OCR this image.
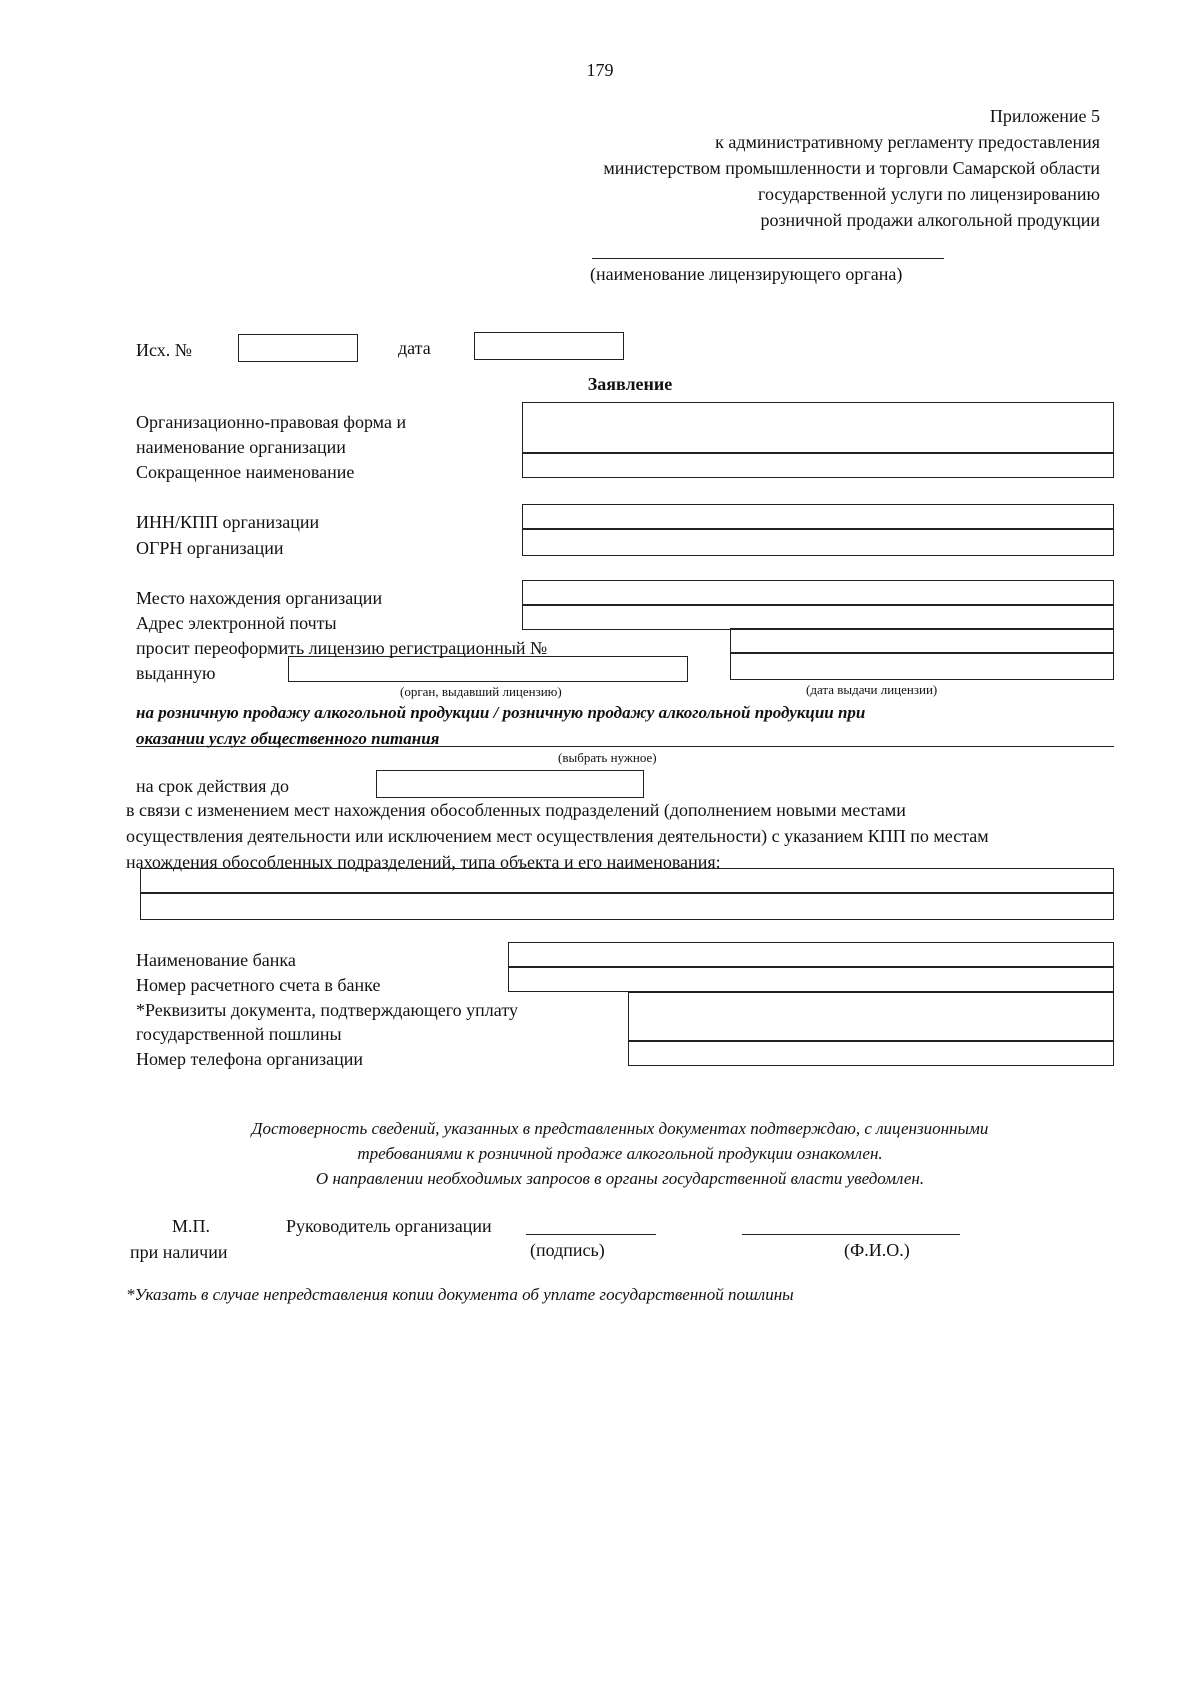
179
Приложение 5
к административному регламенту предоставления
министерством промышленности и торговли Самарской области
государственной услуги по лицензированию
розничной продажи алкогольной продукции
(наименование лицензирующего органа)
Исх. №	дата
Заявление
Организационно-правовая форма и
наименование организации
Сокращенное наименование
ИНН/КПП организации
ОГРН организации
Место нахождения организации
Адрес электронной почты
просит переоформить лицензию регистрационный №
выданную
(орган, выдавший лицензию)	(дата выдачи лицензии)
на розничную продажу алкогольной продукции / розничную продажу алкогольной продукции при
оказании услуг общественного питания
(выбрать нужное)
на срок действия до
в связи с изменением мест нахождения обособленных подразделений (дополнением новыми местами
осуществления деятельности или исключением мест осуществления деятельности) с указанием КПП по местам
нахождения обособленных подразделений, типа объекта и его наименования:
Наименование банка
Номер расчетного счета в банке
*Реквизиты документа, подтверждающего уплату
государственной пошлины
Номер телефона организации
Достоверность сведений, указанных в представленных документах подтверждаю, с лицензионными
требованиями к розничной продаже алкогольной продукции ознакомлен.
О направлении необходимых запросов в органы государственной власти уведомлен.
М.П.
при наличии
Руководитель организации
(подпись)	(Ф.И.О.)
*Указать в случае непредставления копии документа об уплате государственной пошлины
